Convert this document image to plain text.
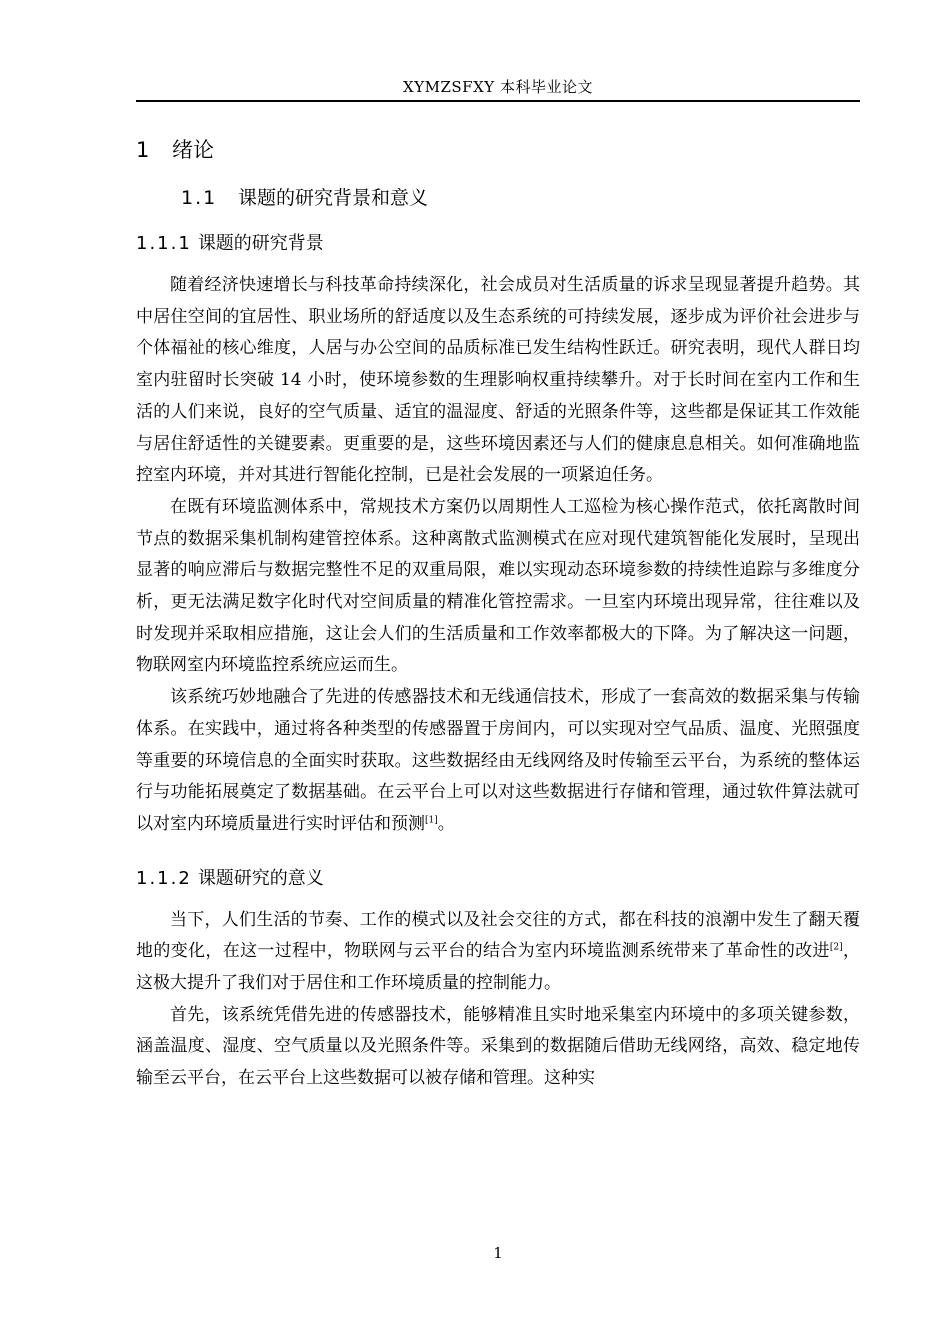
XYMZSFXY 本科毕业论文
1 绪论
1.1 课题的研究背景和意义
1.1.1 课题的研究背景

随着经济快速增长与科技革命持续深化，社会成员对生活质量的诉求呈现显著提升趋势。其中居住空间的宜居性、职业场所的舒适度以及生态系统的可持续发展，逐步成为评价社会进步与个体福祉的核心维度，人居与办公空间的品质标准已发生结构性跃迁。研究表明，现代人群日均室内驻留时长突破 14 小时，使环境参数的生理影响权重持续攀升。对于长时间在室内工作和生活的人们来说，良好的空气质量、适宜的温湿度、舒适的光照条件等，这些都是保证其工作效能与居住舒适性的关键要素。更重要的是，这些环境因素还与人们的健康息息相关。如何准确地监控室内环境，并对其进行智能化控制，已是社会发展的一项紧迫任务。

在既有环境监测体系中，常规技术方案仍以周期性人工巡检为核心操作范式，依托离散时间节点的数据采集机制构建管控体系。这种离散式监测模式在应对现代建筑智能化发展时，呈现出显著的响应滞后与数据完整性不足的双重局限，难以实现动态环境参数的持续性追踪与多维度分析，更无法满足数字化时代对空间质量的精准化管控需求。一旦室内环境出现异常，往往难以及时发现并采取相应措施，这让会人们的生活质量和工作效率都极大的下降。为了解决这一问题，物联网室内环境监控系统应运而生。

该系统巧妙地融合了先进的传感器技术和无线通信技术，形成了一套高效的数据采集与传输体系。在实践中，通过将各种类型的传感器置于房间内，可以实现对空气品质、温度、光照强度等重要的环境信息的全面实时获取。这些数据经由无线网络及时传输至云平台，为系统的整体运行与功能拓展奠定了数据基础。在云平台上可以对这些数据进行存储和管理，通过软件算法就可以对室内环境质量进行实时评估和预测[1]。

1.1.2 课题研究的意义

当下，人们生活的节奏、工作的模式以及社会交往的方式，都在科技的浪潮中发生了翻天覆地的变化，在这一过程中，物联网与云平台的结合为室内环境监测系统带来了革命性的改进[2]，这极大提升了我们对于居住和工作环境质量的控制能力。

首先，该系统凭借先进的传感器技术，能够精准且实时地采集室内环境中的多项关键参数，涵盖温度、湿度、空气质量以及光照条件等。采集到的数据随后借助无线网络，高效、稳定地传输至云平台，在云平台上这些数据可以被存储和管理。这种实

1
